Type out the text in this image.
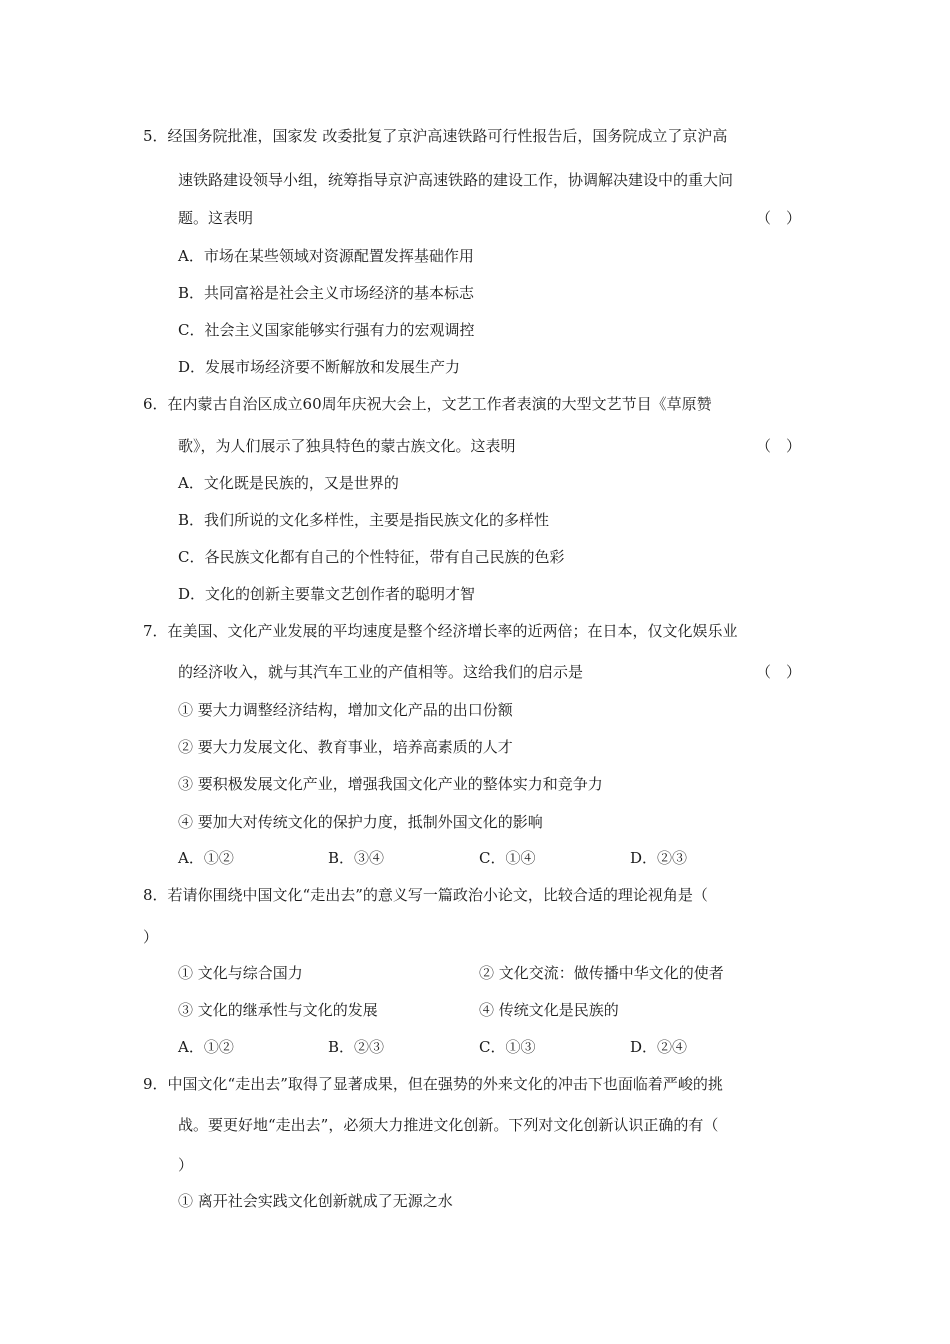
5．经国务院批准，国家发 改委批复了京沪高速铁路可行性报告后，国务院成立了京沪高
速铁路建设领导小组，统筹指导京沪高速铁路的建设工作，协调解决建设中的重大问
题。这表明	（　）
A．市场在某些领域对资源配置发挥基础作用
B．共同富裕是社会主义市场经济的基本标志
C．社会主义国家能够实行强有力的宏观调控
D．发展市场经济要不断解放和发展生产力
6．在内蒙古自治区成立60周年庆祝大会上，文艺工作者表演的大型文艺节目《草原赞
歌》，为人们展示了独具特色的蒙古族文化。这表明	（　）
A．文化既是民族的，又是世界的
B．我们所说的文化多样性，主要是指民族文化的多样性
C．各民族文化都有自己的个性特征，带有自己民族的色彩
D．文化的创新主要靠文艺创作者的聪明才智
7．在美国、文化产业发展的平均速度是整个经济增长率的近两倍；在日本，仅文化娱乐业
的经济收入，就与其汽车工业的产值相等。这给我们的启示是	（　）
① 要大力调整经济结构，增加文化产品的出口份额
② 要大力发展文化、教育事业，培养高素质的人才
③ 要积极发展文化产业，增强我国文化产业的整体实力和竞争力
④ 要加大对传统文化的保护力度，抵制外国文化的影响
A．①②	B．③④	C．①④	D．②③
8．若请你围绕中国文化“走出去”的意义写一篇政治小论文，比较合适的理论视角是（
）
① 文化与综合国力	② 文化交流：做传播中华文化的使者
③ 文化的继承性与文化的发展	④ 传统文化是民族的
A．①②	B．②③	C．①③	D．②④
9．中国文化“走出去”取得了显著成果，但在强势的外来文化的冲击下也面临着严峻的挑
战。要更好地“走出去”，必须大力推进文化创新。下列对文化创新认识正确的有（
）
① 离开社会实践文化创新就成了无源之水
